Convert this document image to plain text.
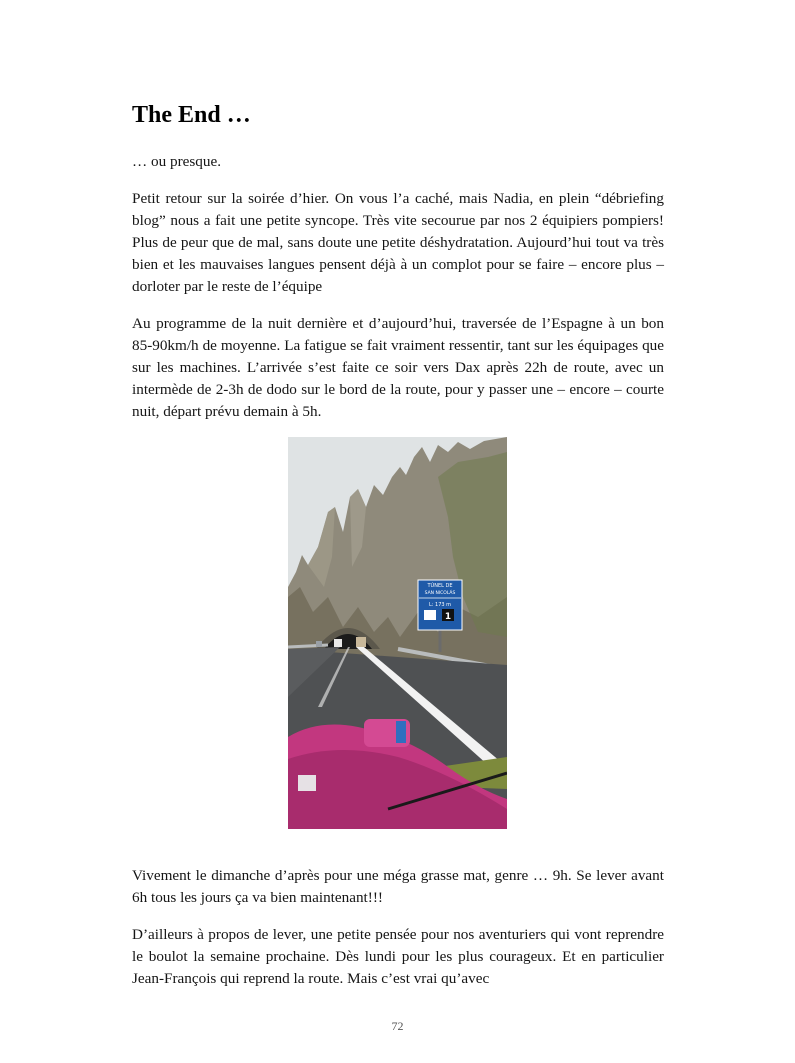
The End …

… ou presque.

Petit retour sur la soirée d’hier. On vous l’a caché, mais Nadia, en plein “débriefing blog” nous a fait une petite syncope. Très vite secourue par nos 2 équipiers pompiers! Plus de peur que de mal, sans doute une petite déshydratation. Aujourd’hui tout va très bien et les mauvaises langues pensent déjà à un complot pour se faire – encore plus – dorloter par le reste de l’équipe

Au programme de la nuit dernière et d’aujourd’hui, traversée de l’Espagne à un bon 85-90km/h de moyenne. La fatigue se fait vraiment ressentir, tant sur les équipages que sur les machines. L’arrivée s’est faite ce soir vers Dax après 22h de route, avec un intermède de 2-3h de dodo sur le bord de la route, pour y passer une – encore – courte nuit, départ prévu demain à 5h.

TÚNEL DE
SAN NICOLÁS
L: 173 m
1

Vivement le dimanche d’après pour une méga grasse mat, genre … 9h. Se lever avant 6h tous les jours ça va bien maintenant!!!

D’ailleurs à propos de lever, une petite pensée pour nos aventuriers qui vont reprendre le boulot la semaine prochaine. Dès lundi pour les plus courageux. Et en particulier Jean-François qui reprend la route. Mais c’est vrai qu’avec

72
